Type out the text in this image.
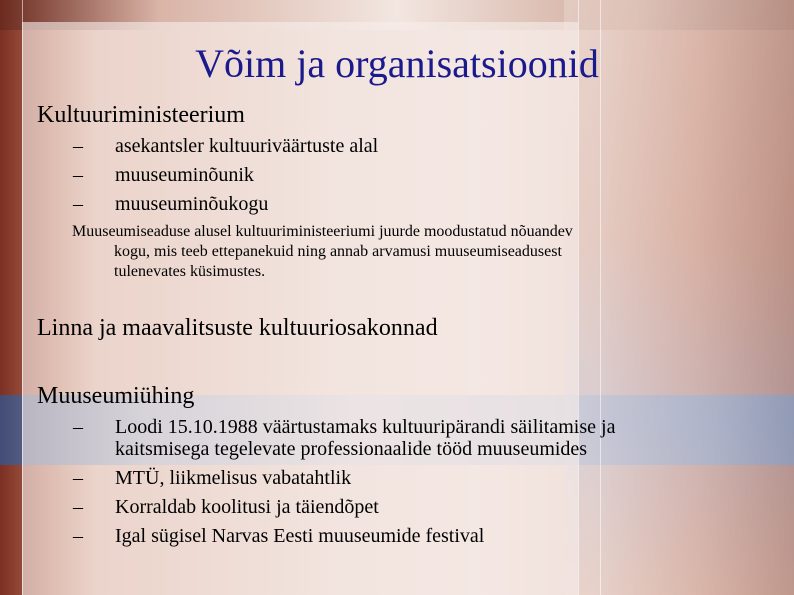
Võim ja organisatsioonid
Kultuuriministeerium
–	asekantsler kultuuriväärtuste alal
–	muuseuminõunik
–	muuseuminõukogu
Muuseumiseaduse alusel kultuuriministeeriumi juurde moodustatud nõuandev
kogu, mis teeb ettepanekuid ning annab arvamusi muuseumiseadusest
tulenevates küsimustes.
Linna ja maavalitsuste kultuuriosakonnad
Muuseumiühing
–	Loodi 15.10.1988 väärtustamaks kultuuripärandi säilitamise ja
kaitsmisega tegelevate professionaalide tööd muuseumides
–	MTÜ, liikmelisus vabatahtlik
–	Korraldab koolitusi ja täiendõpet
–	Igal sügisel Narvas Eesti muuseumide festival
